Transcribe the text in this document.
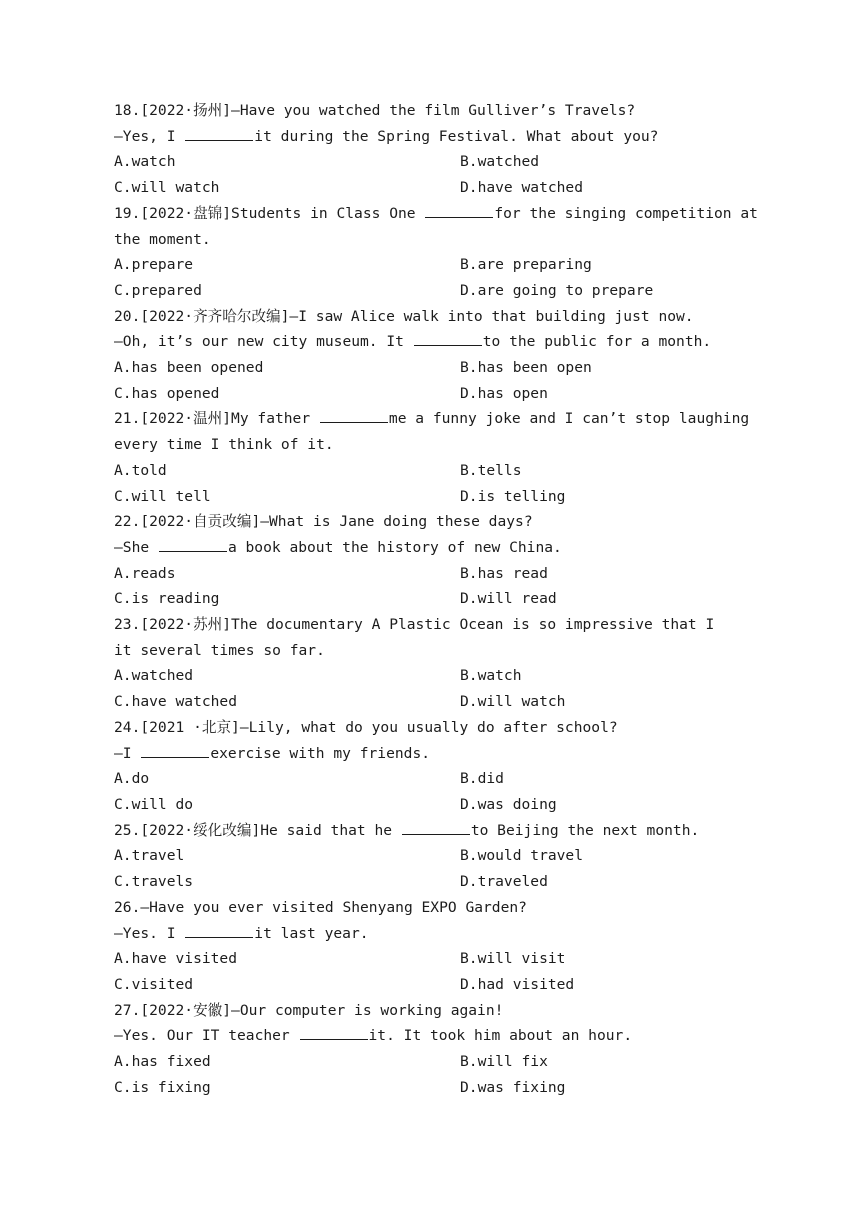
18.[2022·扬州]—Have you watched the film Gulliver’s Travels?
—Yes, I	it during the Spring Festival. What about you?
A.watch	B.watched
C.will watch	D.have watched
19.[2022·盘锦]Students in Class One	for the singing competition at
the moment.
A.prepare	B.are preparing
C.prepared	D.are going to prepare
20.[2022·齐齐哈尔改编]—I saw Alice walk into that building just now.
—Oh, it’s our new city museum. It	to the public for a month.
A.has been opened	B.has been open
C.has opened	D.has open
21.[2022·温州]My father	me a funny joke and I can’t stop laughing
every time I think of it.
A.told	B.tells
C.will tell	D.is telling
22.[2022·自贡改编]—What is Jane doing these days?
—She	a book about the history of new China.
A.reads	B.has read
C.is reading	D.will read
23.[2022·苏州]The documentary A Plastic Ocean is so impressive that I
it several times so far.
A.watched	B.watch
C.have watched	D.will watch
24.[2021 ·北京]—Lily, what do you usually do after school?
—I	exercise with my friends.
A.do	B.did
C.will do	D.was doing
25.[2022·绥化改编]He said that he	to Beijing the next month.
A.travel	B.would travel
C.travels	D.traveled
26.—Have you ever visited Shenyang EXPO Garden?
—Yes. I	it last year.
A.have visited	B.will visit
C.visited	D.had visited
27.[2022·安徽]—Our computer is working again!
—Yes. Our IT teacher	it. It took him about an hour.
A.has fixed	B.will fix
C.is fixing	D.was fixing
